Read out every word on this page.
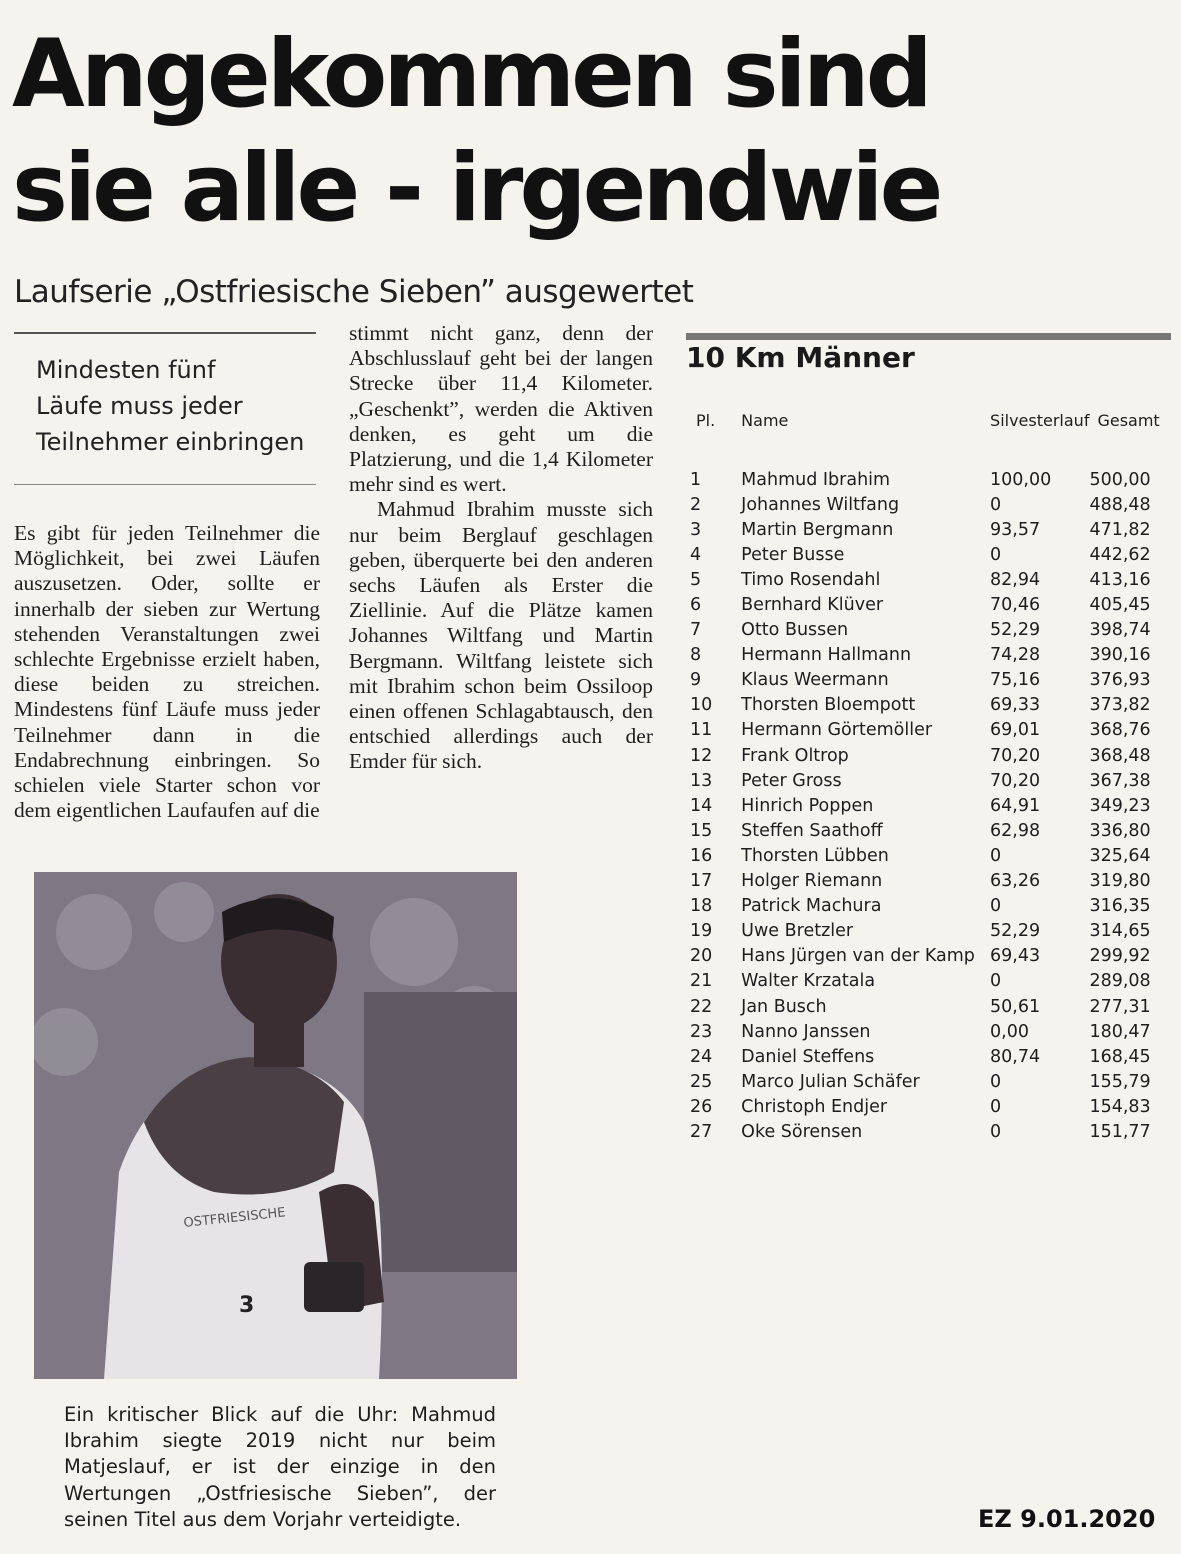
Angekommen sind
sie alle - irgendwie
Laufserie „Ostfriesische Sieben” ausgewertet
Mindesten fünf
Läufe muss jeder
Teilnehmer einbringen

Es gibt für jeden Teilnehmer die Möglichkeit, bei zwei Läufen auszusetzen. Oder, sollte er innerhalb der sieben zur Wertung stehenden Veranstaltungen zwei schlechte Ergebnisse erzielt haben, diese beiden zu streichen. Mindestens fünf Läufe muss jeder Teilnehmer dann in die Endabrechnung einbringen. So schielen viele Starter schon vor dem eigentlichen Laufaufen auf die

stimmt nicht ganz, denn der Abschlusslauf geht bei der langen Strecke über 11,4 Kilometer. „Geschenkt”, werden die Aktiven denken, es geht um die Platzierung, und die 1,4 Kilometer mehr sind es wert.

Mahmud Ibrahim musste sich nur beim Berglauf geschlagen geben, überquerte bei den anderen sechs Läufen als Erster die Ziellinie. Auf die Plätze kamen Johannes Wiltfang und Martin Bergmann. Wiltfang leistete sich mit Ibrahim schon beim Ossiloop einen offenen Schlagabtausch, den entschied allerdings auch der Emder für sich.

OSTFRIESISCHE
3
Ein kritischer Blick auf die Uhr: Mahmud Ibrahim siegte 2019 nicht nur beim Matjeslauf, er ist der einzige in den Wertungen „Ostfriesische Sieben”, der seinen Titel aus dem Vorjahr verteidigte.
10 Km Männer
Pl.	Name	Silvesterlauf	Gesamt

1	Mahmud Ibrahim	100,00	500,00
2	Johannes Wiltfang	0	488,48
3	Martin Bergmann	93,57	471,82
4	Peter Busse	0	442,62
5	Timo Rosendahl	82,94	413,16
6	Bernhard Klüver	70,46	405,45
7	Otto Bussen	52,29	398,74
8	Hermann Hallmann	74,28	390,16
9	Klaus Weermann	75,16	376,93
10	Thorsten Bloempott	69,33	373,82
11	Hermann Görtemöller	69,01	368,76
12	Frank Oltrop	70,20	368,48
13	Peter Gross	70,20	367,38
14	Hinrich Poppen	64,91	349,23
15	Steffen Saathoff	62,98	336,80
16	Thorsten Lübben	0	325,64
17	Holger Riemann	63,26	319,80
18	Patrick Machura	0	316,35
19	Uwe Bretzler	52,29	314,65
20	Hans Jürgen van der Kamp	69,43	299,92
21	Walter Krzatala	0	289,08
22	Jan Busch	50,61	277,31
23	Nanno Janssen	0,00	180,47
24	Daniel Steffens	80,74	168,45
25	Marco Julian Schäfer	0	155,79
26	Christoph Endjer	0	154,83
27	Oke Sörensen	0	151,77
EZ 9.01.2020
